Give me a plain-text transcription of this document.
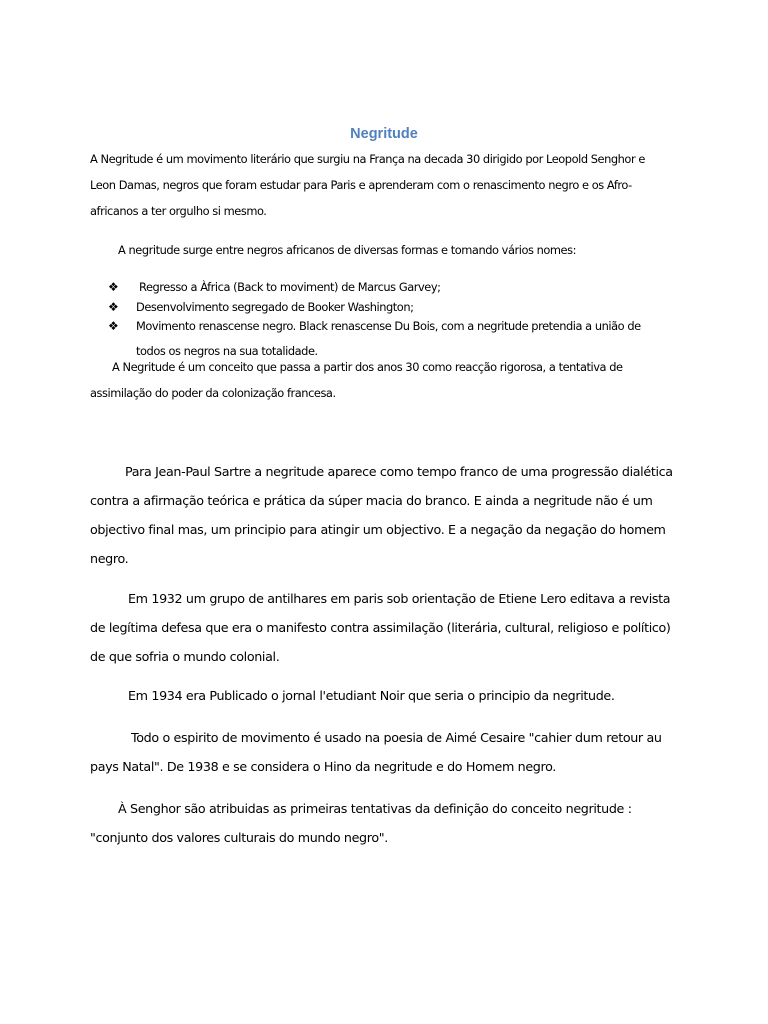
Negritude

A Negritude é um movimento literário que surgiu na França na decada 30 dirigido por Leopold Senghor e
Leon Damas, negros que foram estudar para Paris e aprenderam com o renascimento negro e os Afro-
africanos a ter orgulho si mesmo.

A negritude surge entre negros africanos de diversas formas e tomando vários nomes:

❖ Regresso a Àfrica (Back to moviment) de Marcus Garvey;
❖ Desenvolvimento segregado de Booker Washington;
❖ Movimento renascense negro. Black renascense Du Bois, com a negritude pretendia a união de
todos os negros na sua totalidade.

A Negritude é um conceito que passa a partir dos anos 30 como reacção rigorosa, a tentativa de
assimilação do poder da colonização francesa.

Para Jean-Paul Sartre a negritude aparece como tempo franco de uma progressão dialética
contra a afirmação teórica e prática da súper macia do branco. E ainda a negritude não é um
objectivo final mas, um principio para atingir um objectivo. E a negação da negação do homem
negro.

Em 1932 um grupo de antilhares em paris sob orientação de Etiene Lero editava a revista
de legítima defesa que era o manifesto contra assimilação (literária, cultural, religioso e político)
de que sofria o mundo colonial.

Em 1934 era Publicado o jornal l'etudiant Noir que seria o principio da negritude.

Todo o espirito de movimento é usado na poesia de Aimé Cesaire "cahier dum retour au
pays Natal". De 1938 e se considera o Hino da negritude e do Homem negro.

À Senghor são atribuidas as primeiras tentativas da definição do conceito negritude :
"conjunto dos valores culturais do mundo negro".
